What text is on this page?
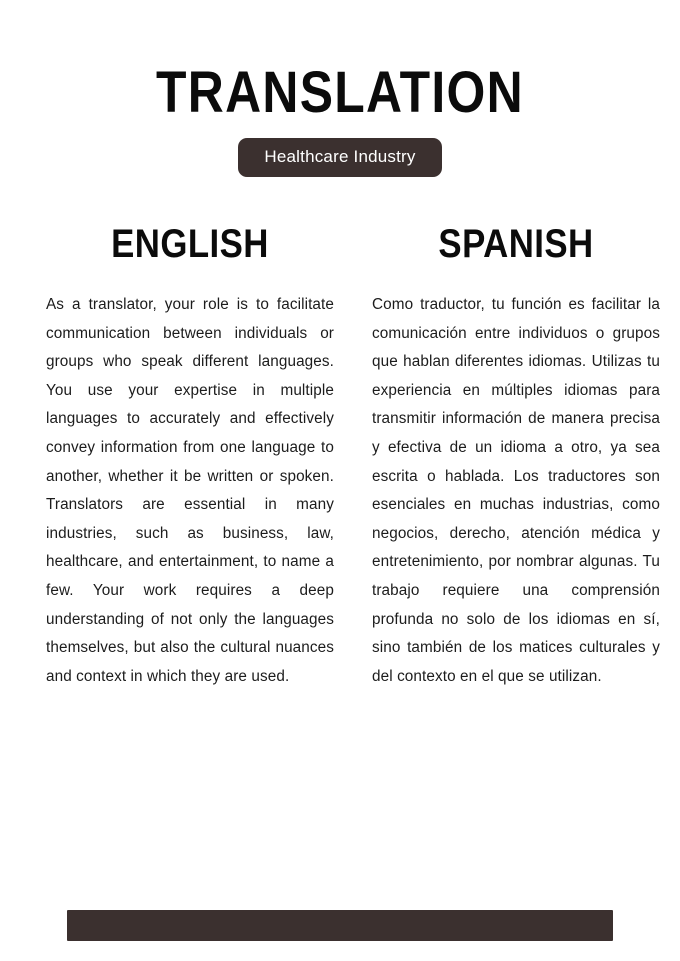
TRANSLATION
Healthcare Industry
ENGLISH

As a translator, your role is to facilitate communication between individuals or groups who speak different languages. You use your expertise in multiple languages to accurately and effectively convey information from one language to another, whether it be written or spoken. Translators are essential in many industries, such as business, law, healthcare, and entertainment, to name a few. Your work requires a deep understanding of not only the languages themselves, but also the cultural nuances and context in which they are used.

SPANISH

Como traductor, tu función es facilitar la comunicación entre individuos o grupos que hablan diferentes idiomas. Utilizas tu experiencia en múltiples idiomas para transmitir información de manera precisa y efectiva de un idioma a otro, ya sea escrita o hablada. Los traductores son esenciales en muchas industrias, como negocios, derecho, atención médica y entretenimiento, por nombrar algunas. Tu trabajo requiere una comprensión profunda no solo de los idiomas en sí, sino también de los matices culturales y del contexto en el que se utilizan.
